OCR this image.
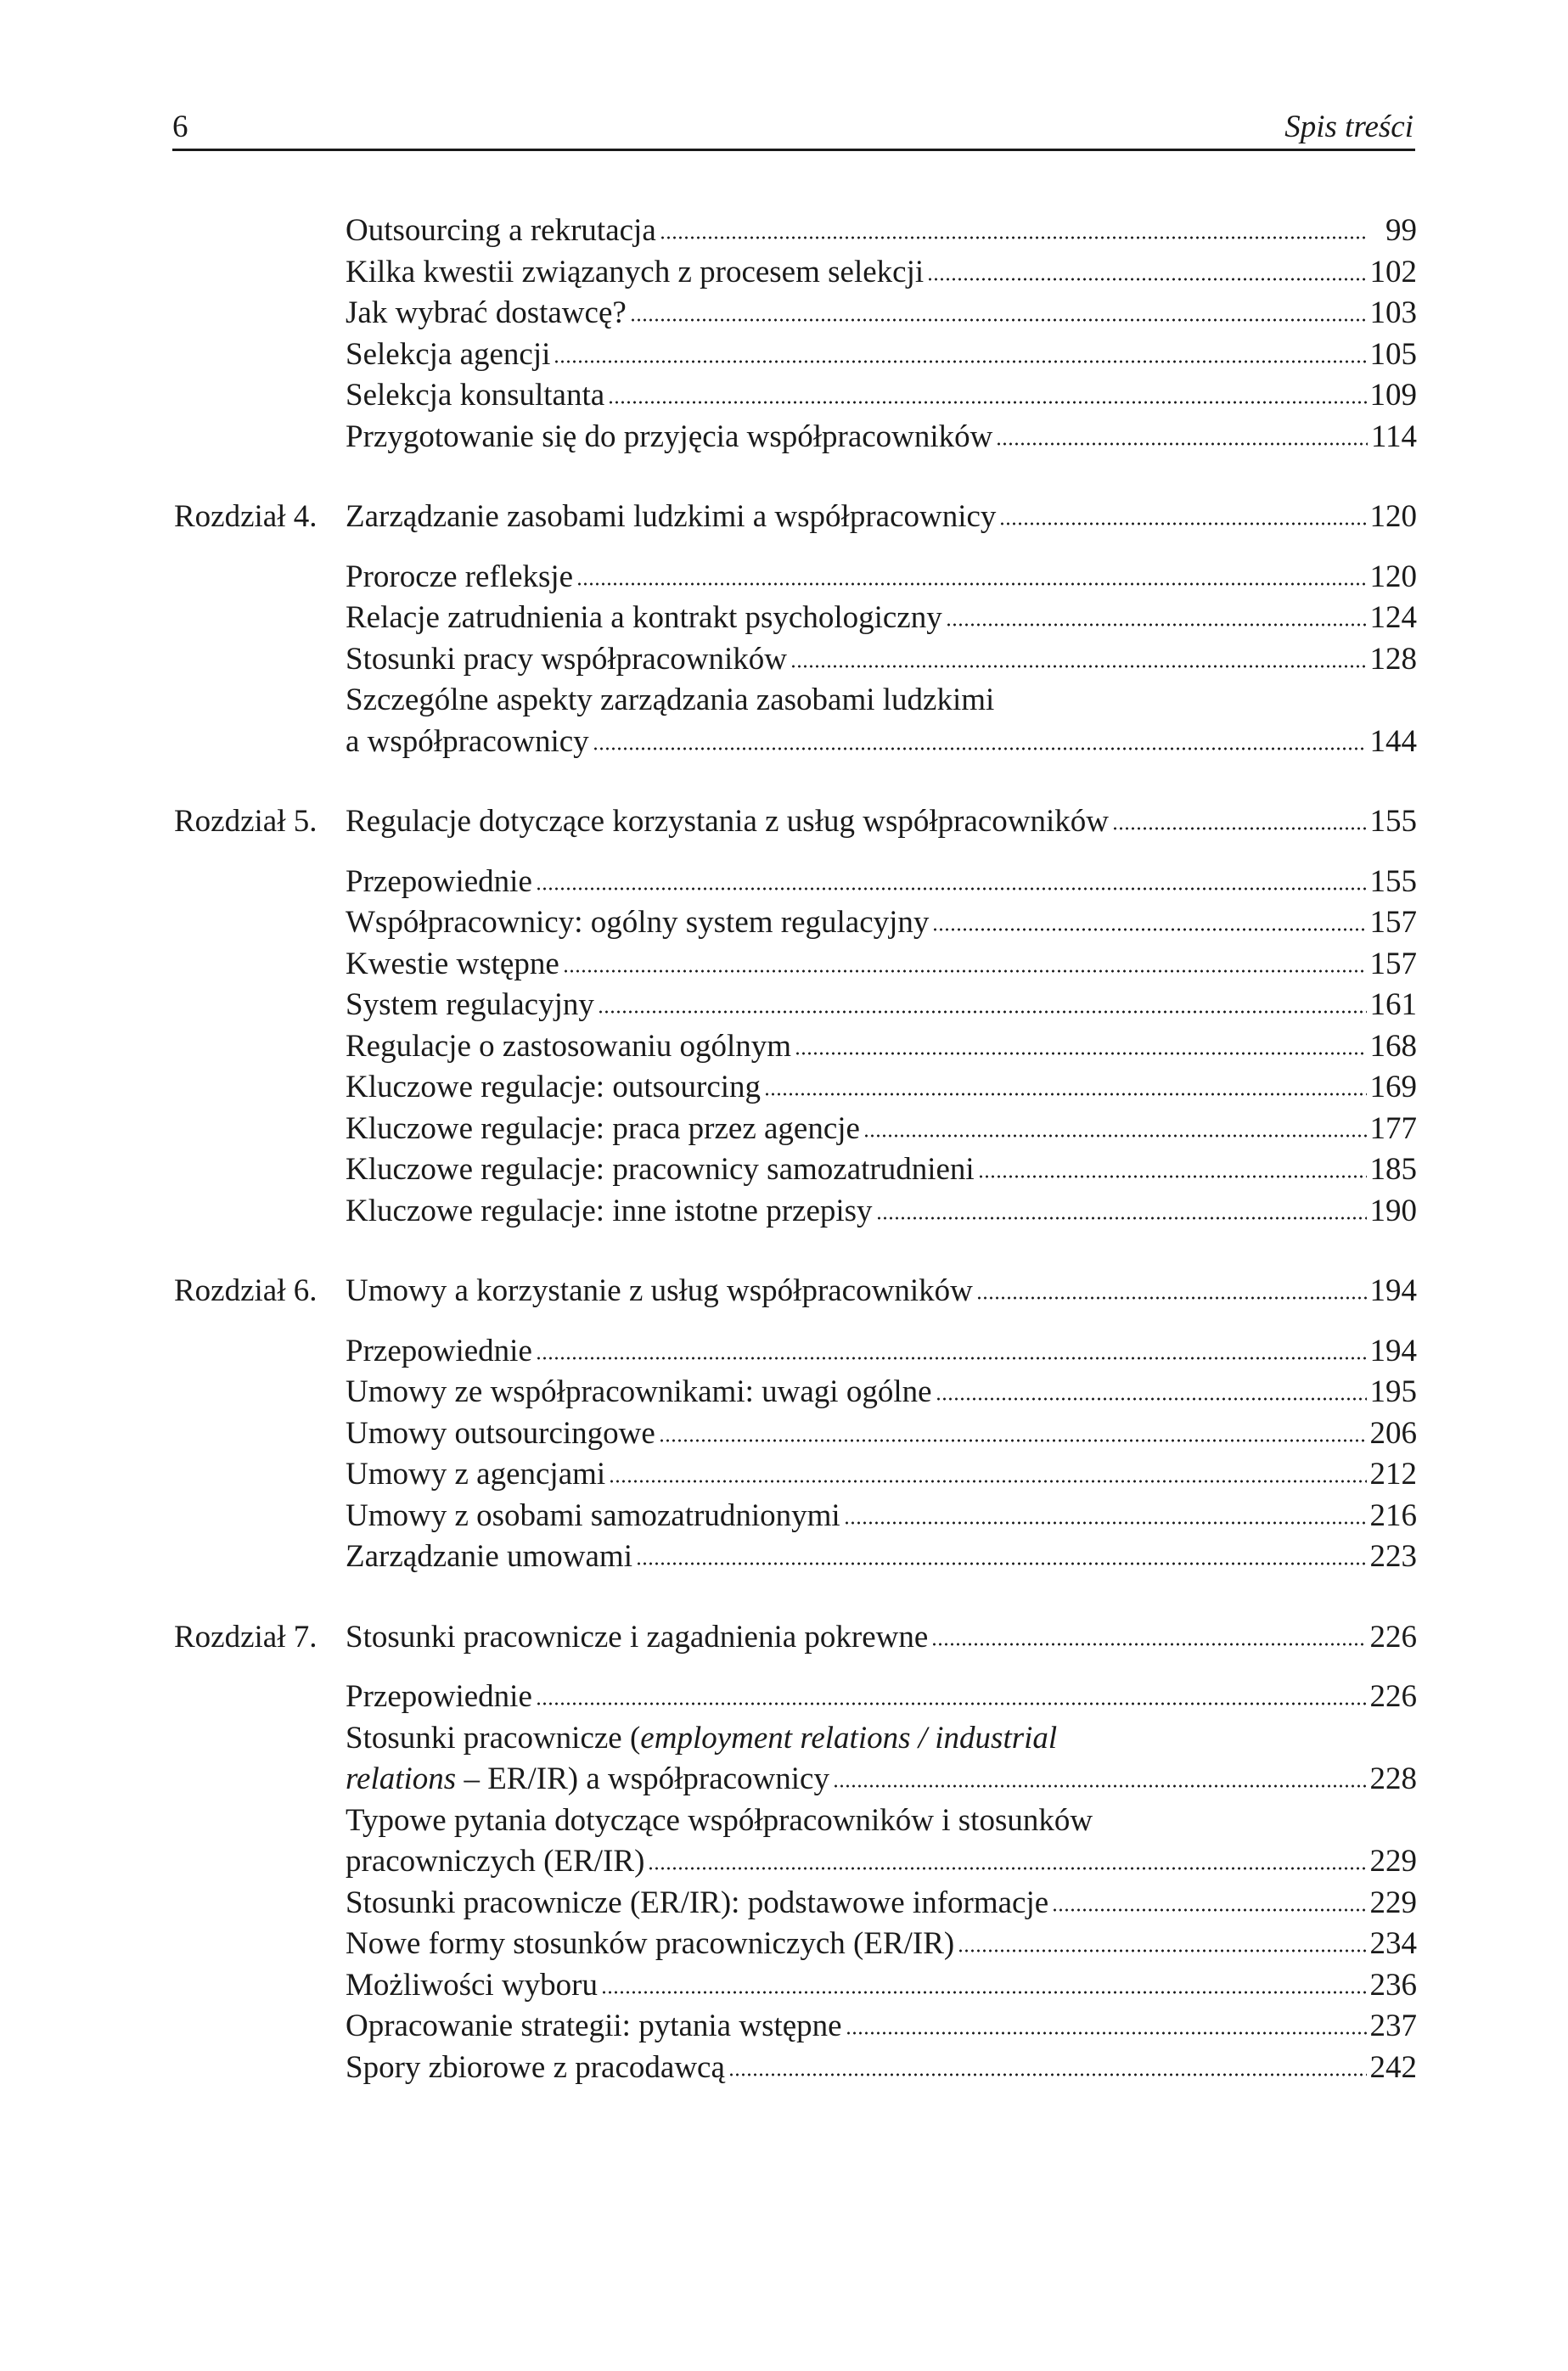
6	Spis treści
Outsourcing a rekrutacja	99
Kilka kwestii związanych z procesem selekcji	102
Jak wybrać dostawcę?	103
Selekcja agencji	105
Selekcja konsultanta	109
Przygotowanie się do przyjęcia współpracowników	114
Rozdział 4. Zarządzanie zasobami ludzkimi a współpracownicy	120
Prorocze refleksje	120
Relacje zatrudnienia a kontrakt psychologiczny	124
Stosunki pracy współpracowników	128
Szczególne aspekty zarządzania zasobami ludzkimi
a współpracownicy	144
Rozdział 5. Regulacje dotyczące korzystania z usług współpracowników	155
Przepowiednie	155
Współpracownicy: ogólny system regulacyjny	157
Kwestie wstępne	157
System regulacyjny	161
Regulacje o zastosowaniu ogólnym	168
Kluczowe regulacje: outsourcing	169
Kluczowe regulacje: praca przez agencje	177
Kluczowe regulacje: pracownicy samozatrudnieni	185
Kluczowe regulacje: inne istotne przepisy	190
Rozdział 6. Umowy a korzystanie z usług współpracowników	194
Przepowiednie	194
Umowy ze współpracownikami: uwagi ogólne	195
Umowy outsourcingowe	206
Umowy z agencjami	212
Umowy z osobami samozatrudnionymi	216
Zarządzanie umowami	223
Rozdział 7. Stosunki pracownicze i zagadnienia pokrewne	226
Przepowiednie	226
Stosunki pracownicze (employment relations / industrial
relations – ER/IR) a współpracownicy	228
Typowe pytania dotyczące współpracowników i stosunków
pracowniczych (ER/IR)	229
Stosunki pracownicze (ER/IR): podstawowe informacje	229
Nowe formy stosunków pracowniczych (ER/IR)	234
Możliwości wyboru	236
Opracowanie strategii: pytania wstępne	237
Spory zbiorowe z pracodawcą	242
